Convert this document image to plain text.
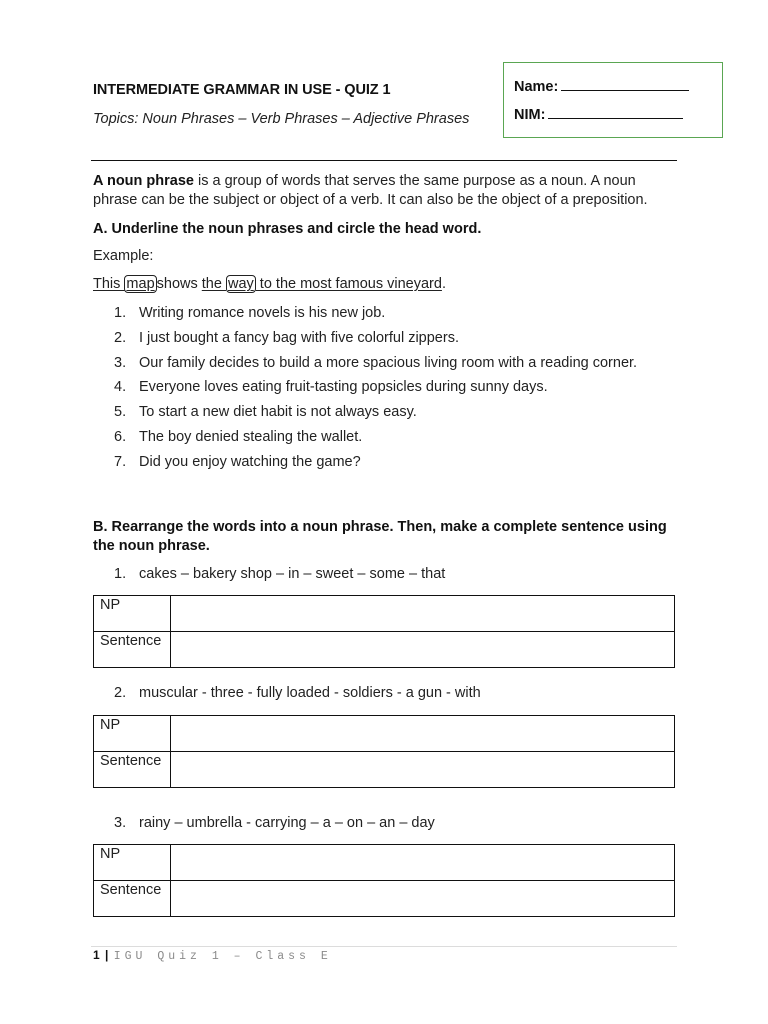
INTERMEDIATE GRAMMAR IN USE - QUIZ 1
Topics: Noun Phrases – Verb Phrases – Adjective Phrases
Name:
NIM:
A noun phrase is a group of words that serves the same purpose as a noun. A noun phrase can be the subject or object of a verb. It can also be the object of a preposition.
A. Underline the noun phrases and circle the head word.
Example:
This map shows the way to the most famous vineyard.
1. Writing romance novels is his new job.
2. I just bought a fancy bag with five colorful zippers.
3. Our family decides to build a more spacious living room with a reading corner.
4. Everyone loves eating fruit-tasting popsicles during sunny days.
5. To start a new diet habit is not always easy.
6. The boy denied stealing the wallet.
7. Did you enjoy watching the game?
B. Rearrange the words into a noun phrase. Then, make a complete sentence using the noun phrase.
1. cakes – bakery shop – in – sweet – some – that
NP
Sentence
2. muscular - three - fully loaded - soldiers - a gun - with
NP
Sentence
3. rainy – umbrella - carrying – a – on – an – day
NP
Sentence
1 | IGU Quiz 1 – Class E
